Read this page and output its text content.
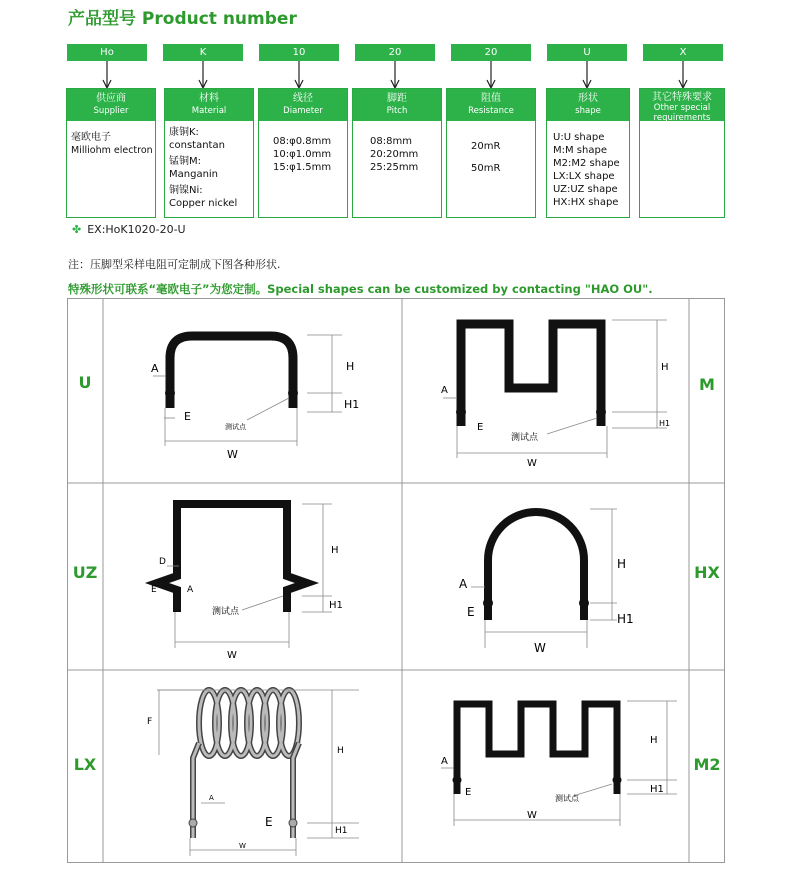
产品型号 Product number
Ho	K	10	20	20	U	X
供应商
Supplier
毫欧电子
Milliohm electron
材料
Material
康铜K:
constantan
锰铜M:
Manganin
铜镍Ni:
Copper nickel
线径
Diameter
08:φ0.8mm
10:φ1.0mm
15:φ1.5mm
脚距
Pitch
08:8mm
20:20mm
25:25mm
阻值
Resistance
20mR
50mR
形状
shape
U:U shape
M:M shape
M2:M2 shape
LX:LX shape
UZ:UZ shape
HX:HX shape
其它特殊要求
Other special requirements
✤ EX:HoK1020-20-U
注：压脚型采样电阻可定制成下图各种形状.
特殊形状可联系“毫欧电子”为您定制。Special shapes can be customized by contacting "HAO OU".
U	M
UZ	HX
LX	M2
A
E
H
H1
W
测试点
A
E
H
H1
W
测试点
D
A
E
H
H1
W
测试点
A
E
H
H1
W
F
A
E
H
H1
W
A
E
H
H1
W
测试点
